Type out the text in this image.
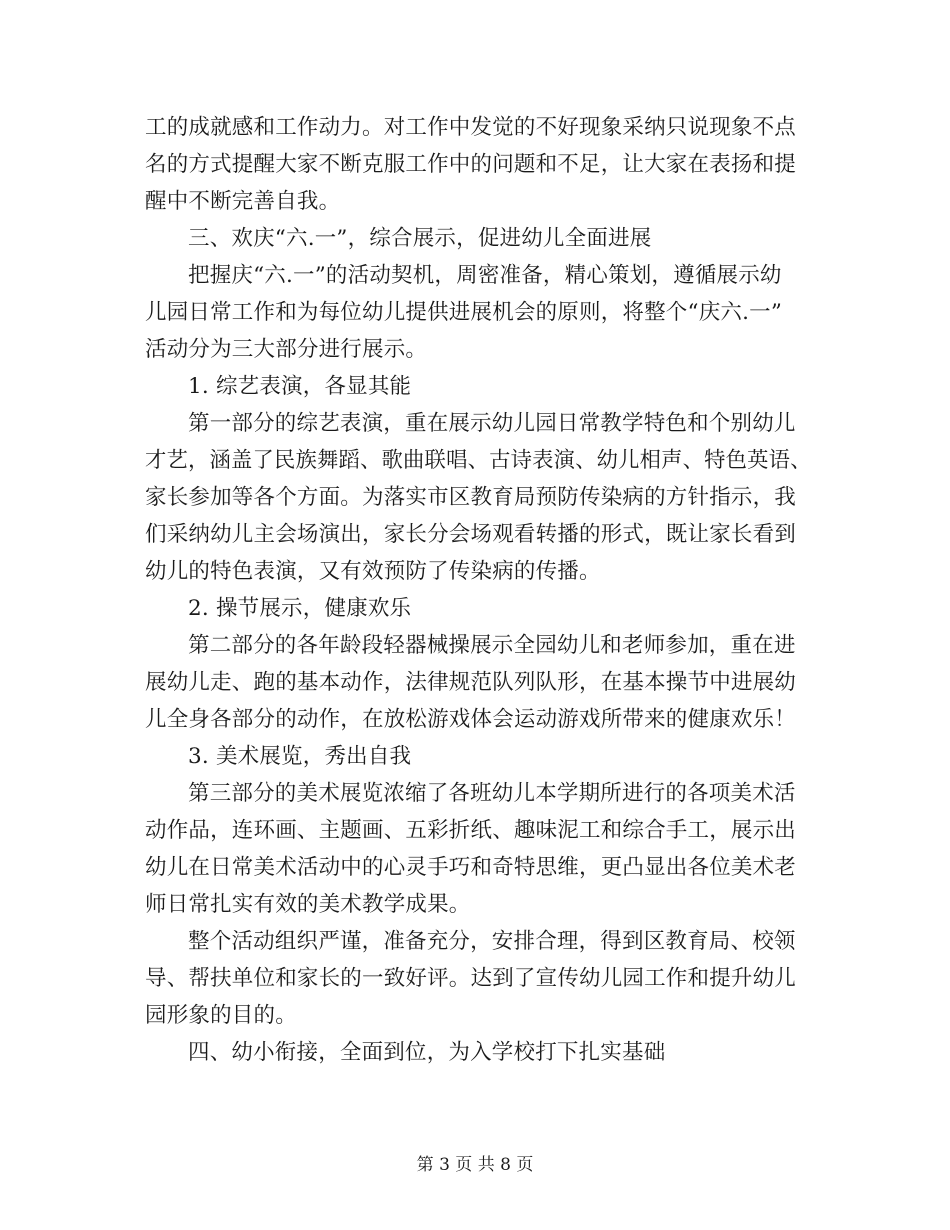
工的成就感和工作动力。对工作中发觉的不好现象采纳只说现象不点
名的方式提醒大家不断克服工作中的问题和不足，让大家在表扬和提
醒中不断完善自我。
三、欢庆“六.一”，综合展示，促进幼儿全面进展
把握庆“六.一”的活动契机，周密准备，精心策划，遵循展示幼
儿园日常工作和为每位幼儿提供进展机会的原则，将整个“庆六.一”
活动分为三大部分进行展示。
1. 综艺表演，各显其能
第一部分的综艺表演，重在展示幼儿园日常教学特色和个别幼儿
才艺，涵盖了民族舞蹈、歌曲联唱、古诗表演、幼儿相声、特色英语、
家长参加等各个方面。为落实市区教育局预防传染病的方针指示，我
们采纳幼儿主会场演出，家长分会场观看转播的形式，既让家长看到
幼儿的特色表演，又有效预防了传染病的传播。
2. 操节展示，健康欢乐
第二部分的各年龄段轻器械操展示全园幼儿和老师参加，重在进
展幼儿走、跑的基本动作，法律规范队列队形，在基本操节中进展幼
儿全身各部分的动作，在放松游戏体会运动游戏所带来的健康欢乐！
3. 美术展览，秀出自我
第三部分的美术展览浓缩了各班幼儿本学期所进行的各项美术活
动作品，连环画、主题画、五彩折纸、趣味泥工和综合手工，展示出
幼儿在日常美术活动中的心灵手巧和奇特思维，更凸显出各位美术老
师日常扎实有效的美术教学成果。
整个活动组织严谨，准备充分，安排合理，得到区教育局、校领
导、帮扶单位和家长的一致好评。达到了宣传幼儿园工作和提升幼儿
园形象的目的。
四、幼小衔接，全面到位，为入学校打下扎实基础
第 3 页 共 8 页
